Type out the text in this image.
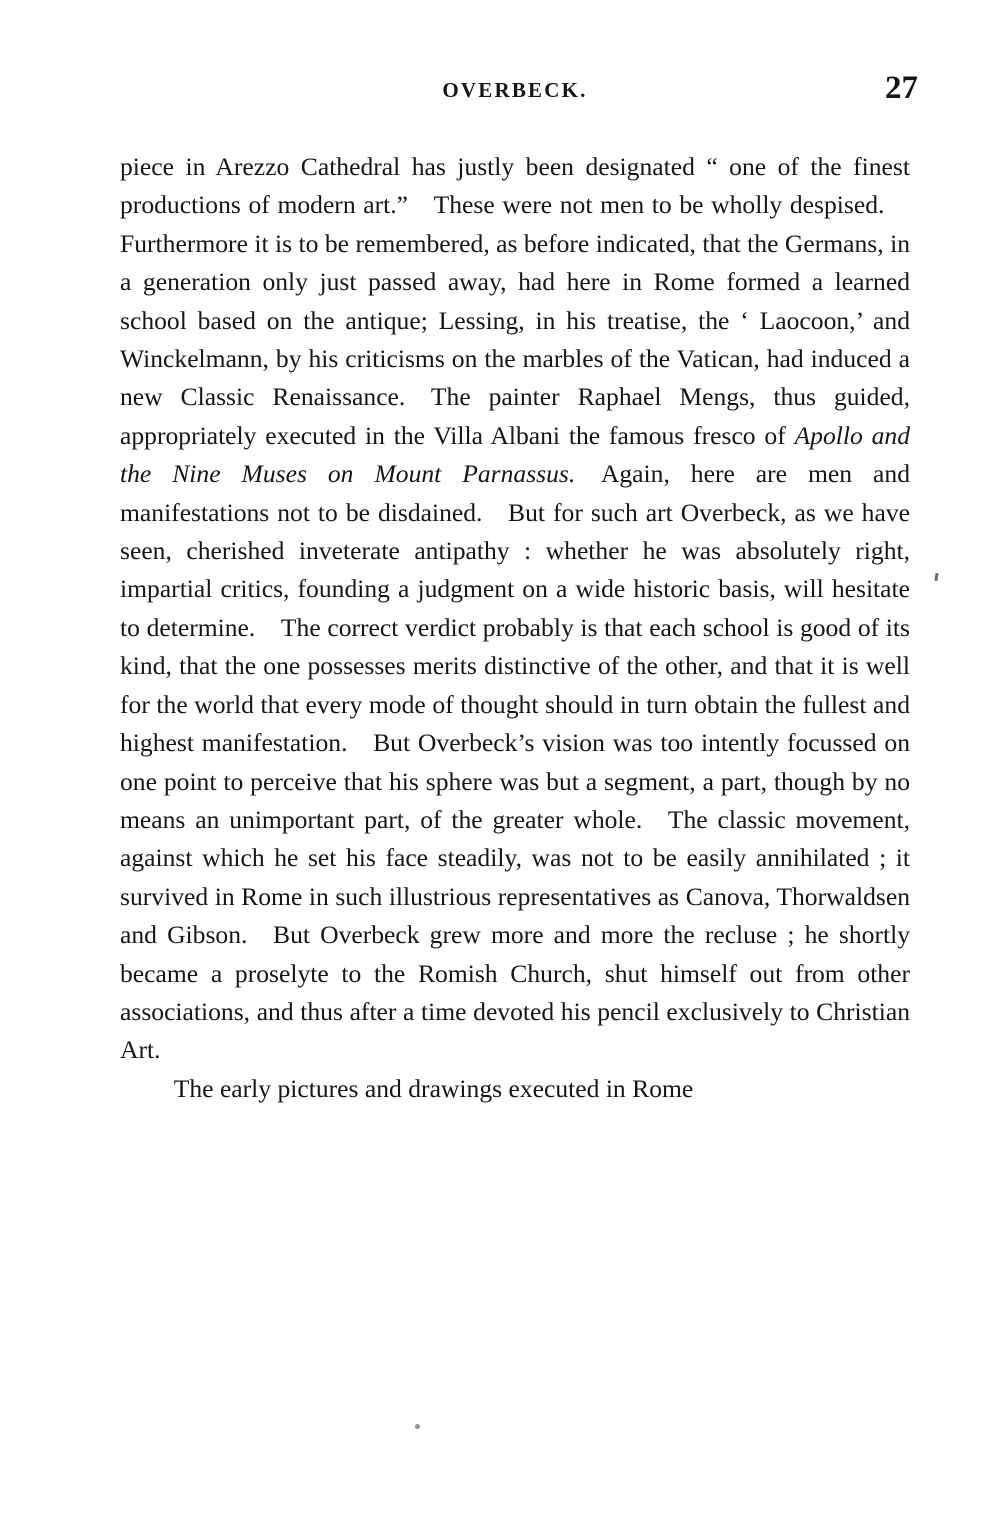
OVERBECK.	27

piece in Arezzo Cathedral has justly been designated “ one of the finest productions of modern art.” These were not men to be wholly despised. Furthermore it is to be remembered, as before indicated, that the Germans, in a generation only just passed away, had here in Rome formed a learned school based on the antique; Lessing, in his treatise, the ‘ Laocoon,’ and Winckelmann, by his criticisms on the marbles of the Vatican, had induced a new Classic Renaissance. The painter Raphael Mengs, thus guided, appropriately executed in the Villa Albani the famous fresco of Apollo and the Nine Muses on Mount Parnassus. Again, here are men and manifestations not to be disdained. But for such art Overbeck, as we have seen, cherished inveterate antipathy : whether he was absolutely right, impartial critics, founding a judgment on a wide historic basis, will hesitate to determine. The correct verdict probably is that each school is good of its kind, that the one possesses merits distinctive of the other, and that it is well for the world that every mode of thought should in turn obtain the fullest and highest manifestation. But Overbeck’s vision was too intently focussed on one point to perceive that his sphere was but a segment, a part, though by no means an unimportant part, of the greater whole. The classic movement, against which he set his face steadily, was not to be easily annihilated ; it survived in Rome in such illustrious representatives as Canova, Thorwaldsen and Gibson. But Overbeck grew more and more the recluse ; he shortly became a proselyte to the Romish Church, shut himself out from other associations, and thus after a time devoted his pencil exclusively to Christian Art.

The early pictures and drawings executed in Rome
